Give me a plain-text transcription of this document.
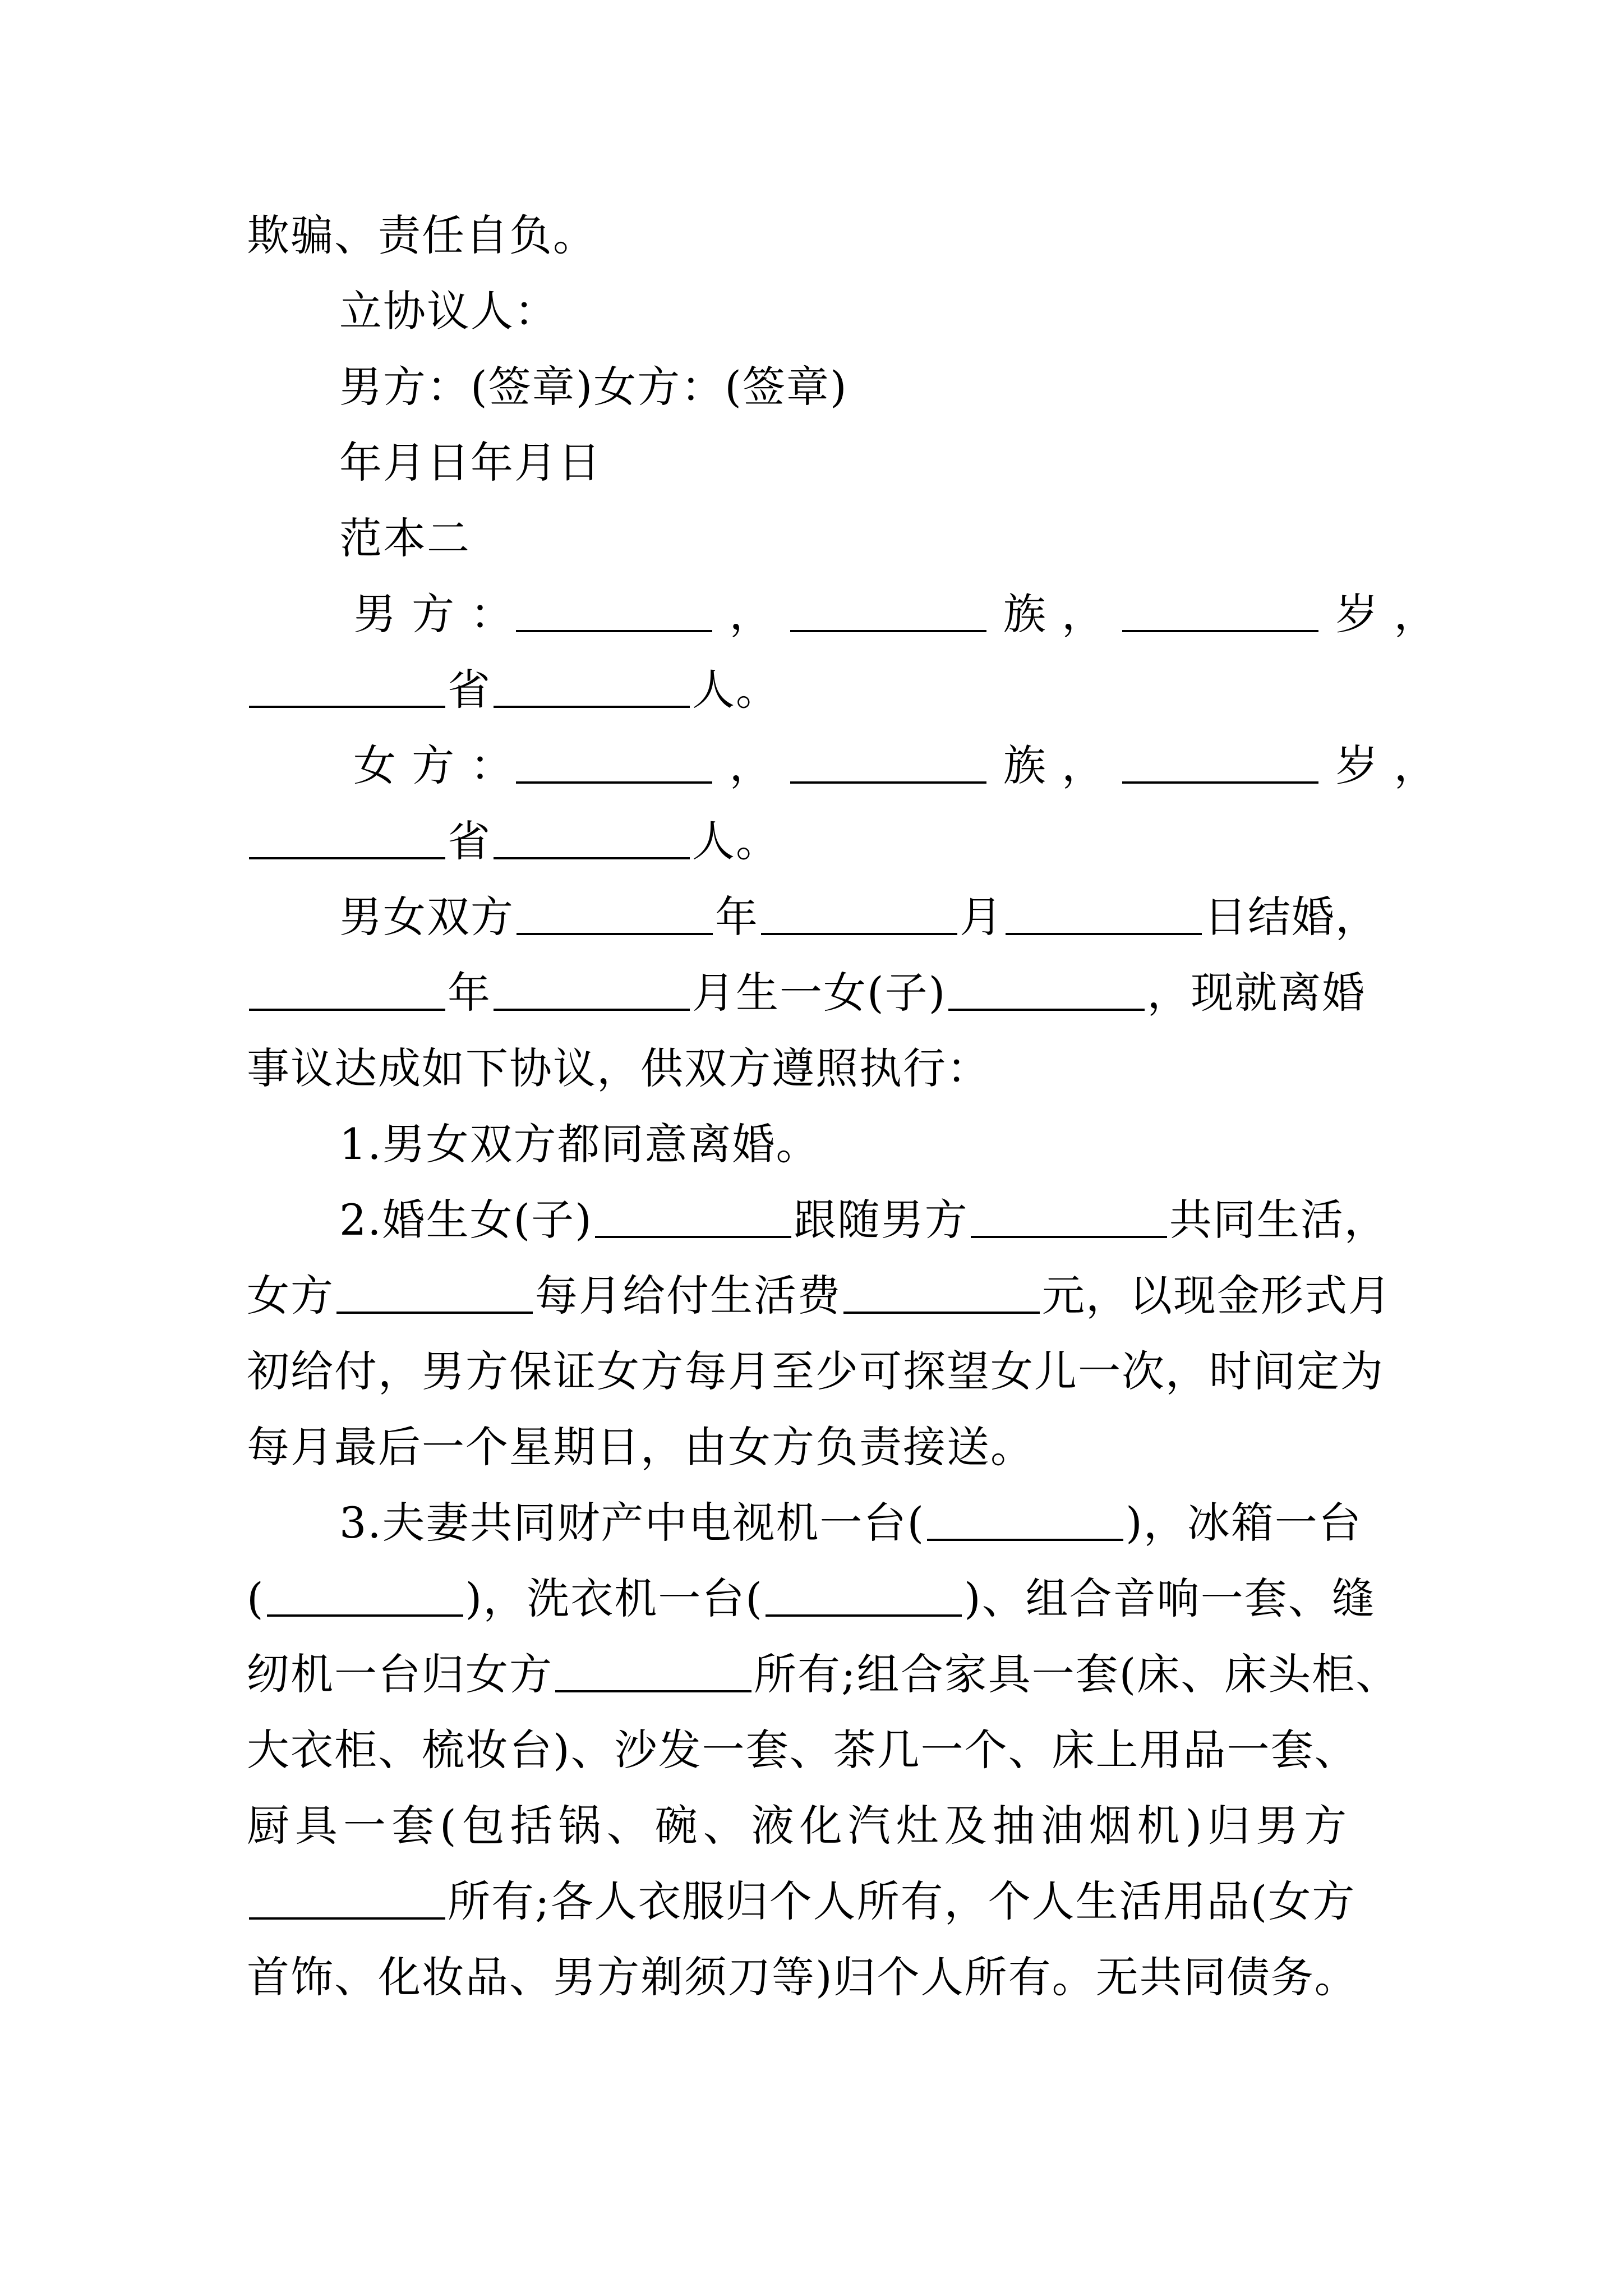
欺骗、责任自负。
立协议人：
男方：(签章)女方：(签章)
年月日年月日
范本二
男 方 ：	，	族 ，	岁 ，
省	人。
女 方 ：	，	族 ，	岁 ，
省	人。
男女双方	年	月	日结婚，
年	月生一女(子)	，现就离婚
事议达成如下协议，供双方遵照执行：
1.男女双方都同意离婚。
2.婚生女(子)	跟随男方	共同生活，
女方	每月给付生活费	元，以现金形式月
初给付，男方保证女方每月至少可探望女儿一次，时间定为
每月最后一个星期日，由女方负责接送。
3.夫妻共同财产中电视机一台(	)，冰箱一台
(	)，洗衣机一台(	)、组合音响一套、缝
纫机一台归女方	所有;组合家具一套(床、床头柜、
大衣柜、梳妆台)、沙发一套、茶几一个、床上用品一套、
厨具一套(包括锅、碗、液化汽灶及抽油烟机)归男方
所有;各人衣服归个人所有，个人生活用品(女方
首饰、化妆品、男方剃须刀等)归个人所有。无共同债务。
